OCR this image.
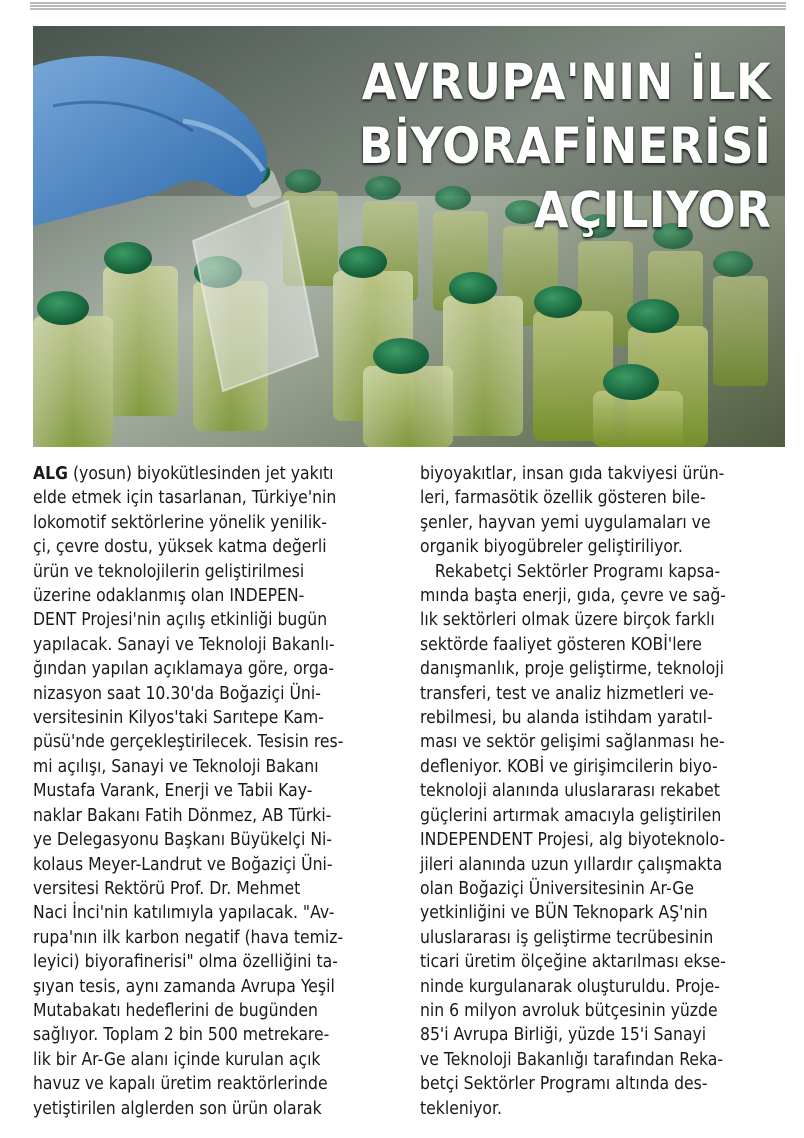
AVRUPA'NIN İLK
BİYORAFİNERİSİ
AÇILIYOR
ALG (yosun) biyokütlesinden jet yakıtı
elde etmek için tasarlanan, Türkiye'nin
lokomotif sektörlerine yönelik yenilik-
çi, çevre dostu, yüksek katma değerli
ürün ve teknolojilerin geliştirilmesi
üzerine odaklanmış olan INDEPEN-
DENT Projesi'nin açılış etkinliği bugün
yapılacak. Sanayi ve Teknoloji Bakanlı-
ğından yapılan açıklamaya göre, orga-
nizasyon saat 10.30'da Boğaziçi Üni-
versitesinin Kilyos'taki Sarıtepe Kam-
püsü'nde gerçekleştirilecek. Tesisin res-
mi açılışı, Sanayi ve Teknoloji Bakanı
Mustafa Varank, Enerji ve Tabii Kay-
naklar Bakanı Fatih Dönmez, AB Türki-
ye Delegasyonu Başkanı Büyükelçi Ni-
kolaus Meyer-Landrut ve Boğaziçi Üni-
versitesi Rektörü Prof. Dr. Mehmet
Naci İnci'nin katılımıyla yapılacak. "Av-
rupa'nın ilk karbon negatif (hava temiz-
leyici) biyorafinerisi" olma özelliğini ta-
şıyan tesis, aynı zamanda Avrupa Yeşil
Mutabakatı hedeflerini de bugünden
sağlıyor. Toplam 2 bin 500 metrekare-
lik bir Ar-Ge alanı içinde kurulan açık
havuz ve kapalı üretim reaktörlerinde
yetiştirilen alglerden son ürün olarak
biyoyakıtlar, insan gıda takviyesi ürün-
leri, farmasötik özellik gösteren bile-
şenler, hayvan yemi uygulamaları ve
organik biyogübreler geliştiriliyor.
Rekabetçi Sektörler Programı kapsa-
mında başta enerji, gıda, çevre ve sağ-
lık sektörleri olmak üzere birçok farklı
sektörde faaliyet gösteren KOBİ'lere
danışmanlık, proje geliştirme, teknoloji
transferi, test ve analiz hizmetleri ve-
rebilmesi, bu alanda istihdam yaratıl-
ması ve sektör gelişimi sağlanması he-
defleniyor. KOBİ ve girişimcilerin biyo-
teknoloji alanında uluslararası rekabet
güçlerini artırmak amacıyla geliştirilen
INDEPENDENT Projesi, alg biyoteknolo-
jileri alanında uzun yıllardır çalışmakta
olan Boğaziçi Üniversitesinin Ar-Ge
yetkinliğini ve BÜN Teknopark AŞ'nin
uluslararası iş geliştirme tecrübesinin
ticari üretim ölçeğine aktarılması ekse-
ninde kurgulanarak oluşturuldu. Proje-
nin 6 milyon avroluk bütçesinin yüzde
85'i Avrupa Birliği, yüzde 15'i Sanayi
ve Teknoloji Bakanlığı tarafından Reka-
betçi Sektörler Programı altında des-
tekleniyor.
